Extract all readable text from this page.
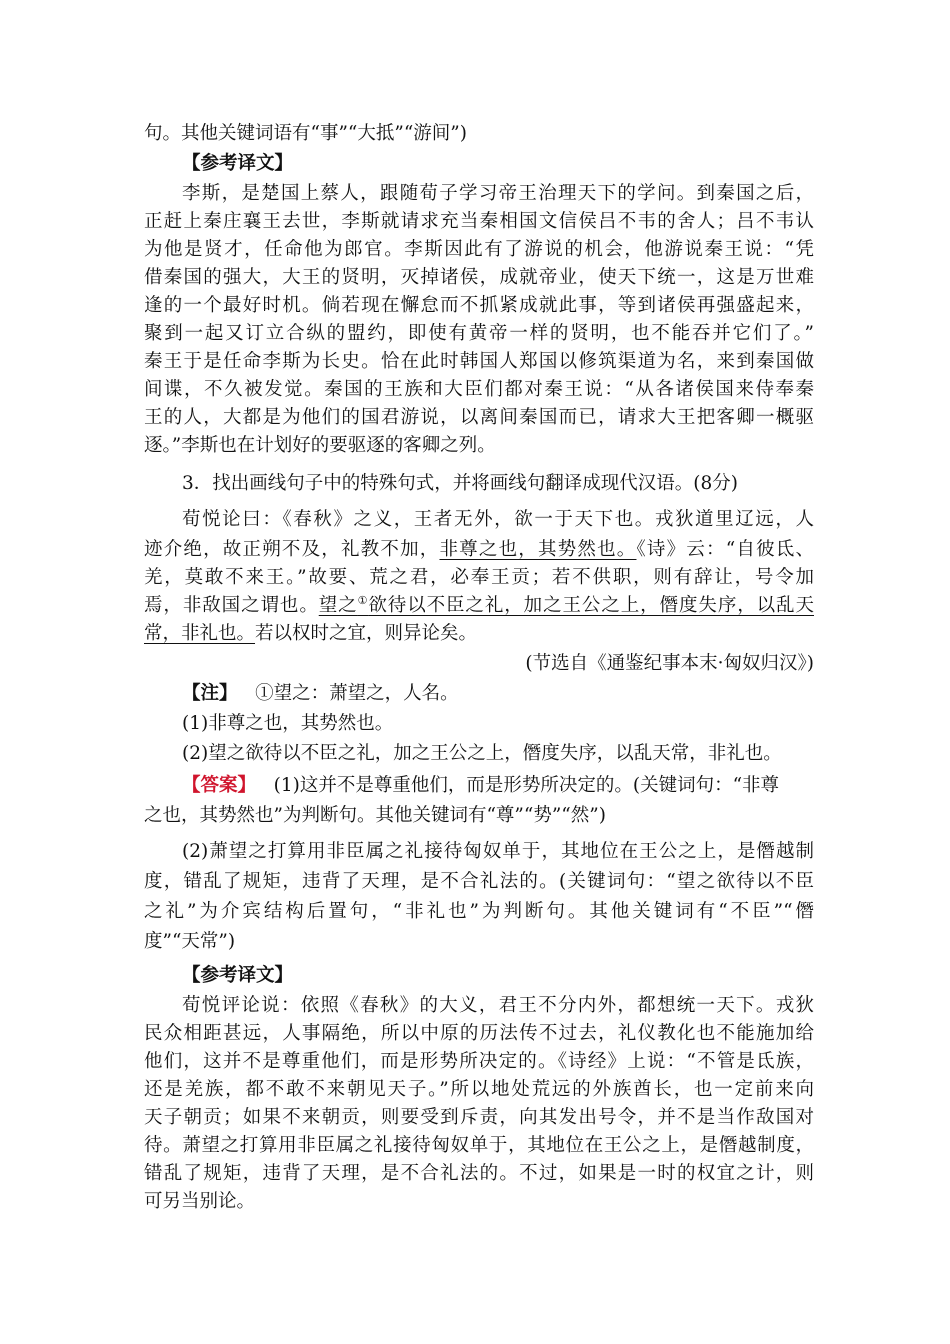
句。其他关键词语有“事”“大抵”“游间”)
【参考译文】
李斯，是楚国上蔡人，跟随荀子学习帝王治理天下的学问。到秦国之后，
正赶上秦庄襄王去世，李斯就请求充当秦相国文信侯吕不韦的舍人；吕不韦认
为他是贤才，任命他为郎官。李斯因此有了游说的机会，他游说秦王说：“凭
借秦国的强大，大王的贤明，灭掉诸侯，成就帝业，使天下统一，这是万世难
逢的一个最好时机。倘若现在懈怠而不抓紧成就此事，等到诸侯再强盛起来，
聚到一起又订立合纵的盟约，即使有黄帝一样的贤明，也不能吞并它们了。”
秦王于是任命李斯为长史。恰在此时韩国人郑国以修筑渠道为名，来到秦国做
间谍，不久被发觉。秦国的王族和大臣们都对秦王说：“从各诸侯国来侍奉秦
王的人，大都是为他们的国君游说，以离间秦国而已，请求大王把客卿一概驱
逐。”李斯也在计划好的要驱逐的客卿之列。
3．找出画线句子中的特殊句式，并将画线句翻译成现代汉语。(8分)
荀悦论曰：《春秋》之义，王者无外，欲一于天下也。戎狄道里辽远，人
迹介绝，故正朔不及，礼教不加，非尊之也，其势然也。《诗》云：“自彼氐、
羌，莫敢不来王。”故要、荒之君，必奉王贡；若不供职，则有辞让，号令加
焉，非敌国之谓也。望之①欲待以不臣之礼，加之王公之上，僭度失序，以乱天
常，非礼也。若以权时之宜，则异论矣。
(节选自《通鉴纪事本末·匈奴归汉》)
【注】 ①望之：萧望之，人名。
(1)非尊之也，其势然也。
(2)望之欲待以不臣之礼，加之王公之上，僭度失序，以乱天常，非礼也。
【答案】 (1)这并不是尊重他们，而是形势所决定的。(关键词句：“非尊
之也，其势然也”为判断句。其他关键词有“尊”“势”“然”)
(2)萧望之打算用非臣属之礼接待匈奴单于，其地位在王公之上，是僭越制
度，错乱了规矩，违背了天理，是不合礼法的。(关键词句：“望之欲待以不臣
之礼”为介宾结构后置句，“非礼也”为判断句。其他关键词有“不臣”“僭
度”“天常”)
【参考译文】
荀悦评论说：依照《春秋》的大义，君王不分内外，都想统一天下。戎狄
民众相距甚远，人事隔绝，所以中原的历法传不过去，礼仪教化也不能施加给
他们，这并不是尊重他们，而是形势所决定的。《诗经》上说：“不管是氐族，
还是羌族，都不敢不来朝见天子。”所以地处荒远的外族酋长，也一定前来向
天子朝贡；如果不来朝贡，则要受到斥责，向其发出号令，并不是当作敌国对
待。萧望之打算用非臣属之礼接待匈奴单于，其地位在王公之上，是僭越制度，
错乱了规矩，违背了天理，是不合礼法的。不过，如果是一时的权宜之计，则
可另当别论。
